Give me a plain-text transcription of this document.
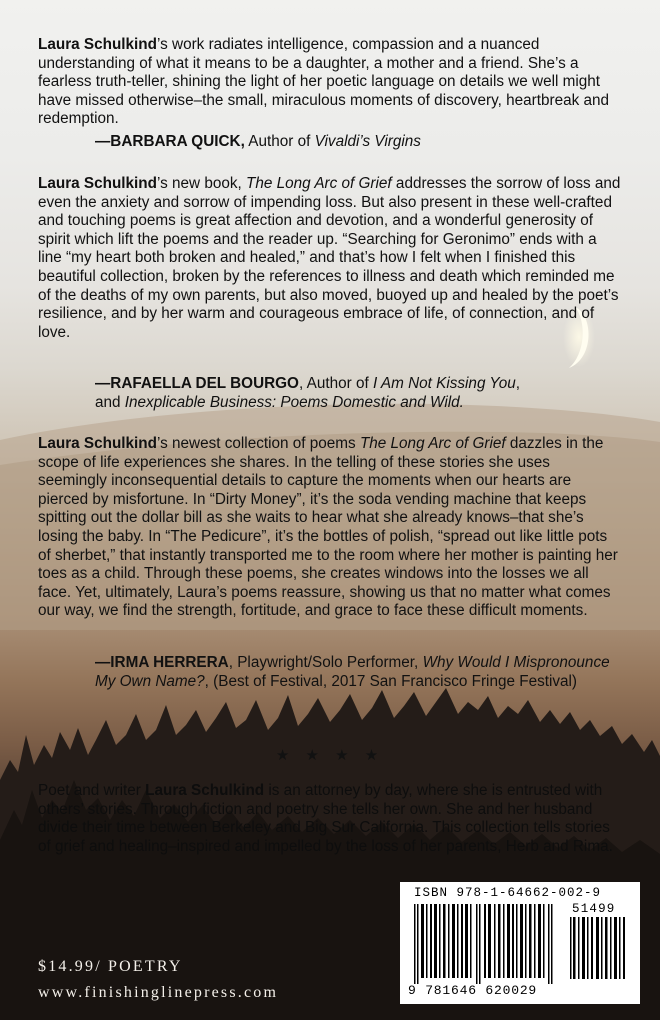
Laura Schulkind’s work radiates intelligence, compassion and a nuanced understanding of what it means to be a daughter, a mother and a friend. She’s a fearless truth-teller, shining the light of her poetic language on details we well might have missed otherwise–the small, miraculous moments of discovery, heartbreak and redemption.

—BARBARA QUICK, Author of Vivaldi’s Virgins

Laura Schulkind’s new book, The Long Arc of Grief addresses the sorrow of loss and even the anxiety and sorrow of impending loss. But also present in these well-crafted and touching poems is great affection and devotion, and a wonderful generosity of spirit which lift the poems and the reader up. “Searching for Geronimo” ends with a line “my heart both broken and healed,” and that’s how I felt when I finished this beautiful collection, broken by the references to illness and death which reminded me of the deaths of my own parents, but also moved, buoyed up and healed by the poet’s resilience, and by her warm and courageous embrace of life, of connection, and of love.

—RAFAELLA DEL BOURGO, Author of I Am Not Kissing You,
and Inexplicable Business: Poems Domestic and Wild.

Laura Schulkind’s newest collection of poems The Long Arc of Grief dazzles in the scope of life experiences she shares. In the telling of these stories she uses seemingly inconsequential details to capture the moments when our hearts are pierced by misfortune. In “Dirty Money”, it’s the soda vending machine that keeps spitting out the dollar bill as she waits to hear what she already knows–that she’s losing the baby. In “The Pedicure”, it’s the bottles of polish, “spread out like little pots of sherbet,” that instantly transported me to the room where her mother is painting her toes as a child. Through these poems, she creates windows into the losses we all face. Yet, ultimately, Laura’s poems reassure, showing us that no matter what comes our way, we find the strength, fortitude, and grace to face these difficult moments.

—IRMA HERRERA, Playwright/Solo Performer, Why Would I Mispronounce My Own Name?, (Best of Festival, 2017 San Francisco Fringe Festival)

★ ★ ★ ★

Poet and writer Laura Schulkind is an attorney by day, where she is entrusted with others’ stories. Through fiction and poetry she tells her own. She and her husband divide their time between Berkeley and Big Sur California. This collection tells stories of grief and healing–inspired and impelled by the loss of her parents, Herb and Rima.

$14.99/ POETRY
www.finishinglinepress.com
ISBN 978-1-64662-002-9
51499
9 781646 620029
